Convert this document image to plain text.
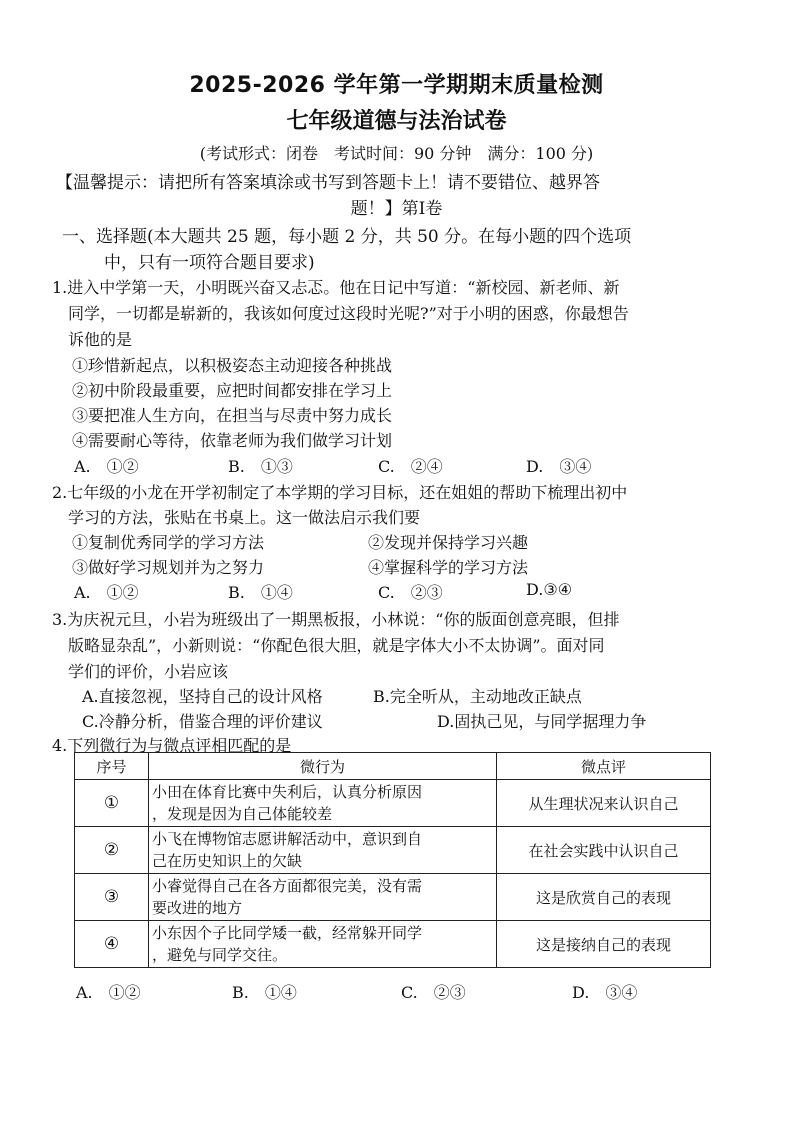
2025-2026 学年第一学期期末质量检测
七年级道德与法治试卷
(考试形式：闭卷　考试时间：90 分钟　满分：100 分)
【温馨提示：请把所有答案填涂或书写到答题卡上！请不要错位、越界答
题！】第Ⅰ卷
一、选择题(本大题共 25 题，每小题 2 分，共 50 分。在每小题的四个选项
中，只有一项符合题目要求)
1.进入中学第一天，小明既兴奋又忐忑。他在日记中写道：“新校园、新老师、新
同学，一切都是崭新的，我该如何度过这段时光呢?”对于小明的困惑，你最想告
诉他的是
①珍惜新起点，以积极姿态主动迎接各种挑战
②初中阶段最重要，应把时间都安排在学习上
③要把准人生方向，在担当与尽责中努力成长
④需要耐心等待，依靠老师为我们做学习计划
A.　①②	B.　①③	C.　②④	D.　③④
2.七年级的小龙在开学初制定了本学期的学习目标，还在姐姐的帮助下梳理出初中
学习的方法，张贴在书桌上。这一做法启示我们要
①复制优秀同学的学习方法	②发现并保持学习兴趣
③做好学习规划并为之努力	④掌握科学的学习方法
A.　①②	B.　①④	C.　②③	D.③④
3.为庆祝元旦，小岩为班级出了一期黑板报，小林说：“你的版面创意亮眼，但排
版略显杂乱”，小新则说：“你配色很大胆，就是字体大小不太协调”。面对同
学们的评价，小岩应该
A.直接忽视，坚持自己的设计风格	B.完全听从，主动地改正缺点
C.冷静分析，借鉴合理的评价建议	D.固执己见，与同学据理力争
4.下列微行为与微点评相匹配的是
序号	微行为	微点评
①	小田在体育比赛中失利后，认真分析原因
，发现是因为自己体能较差	从生理状况来认识自己
②	小飞在博物馆志愿讲解活动中，意识到自
己在历史知识上的欠缺	在社会实践中认识自己
③	小睿觉得自己在各方面都很完美，没有需
要改进的地方	这是欣赏自己的表现
④	小东因个子比同学矮一截，经常躲开同学
，避免与同学交往。	这是接纳自己的表现
A.　①②	B.　①④	C.　②③	D.　③④
